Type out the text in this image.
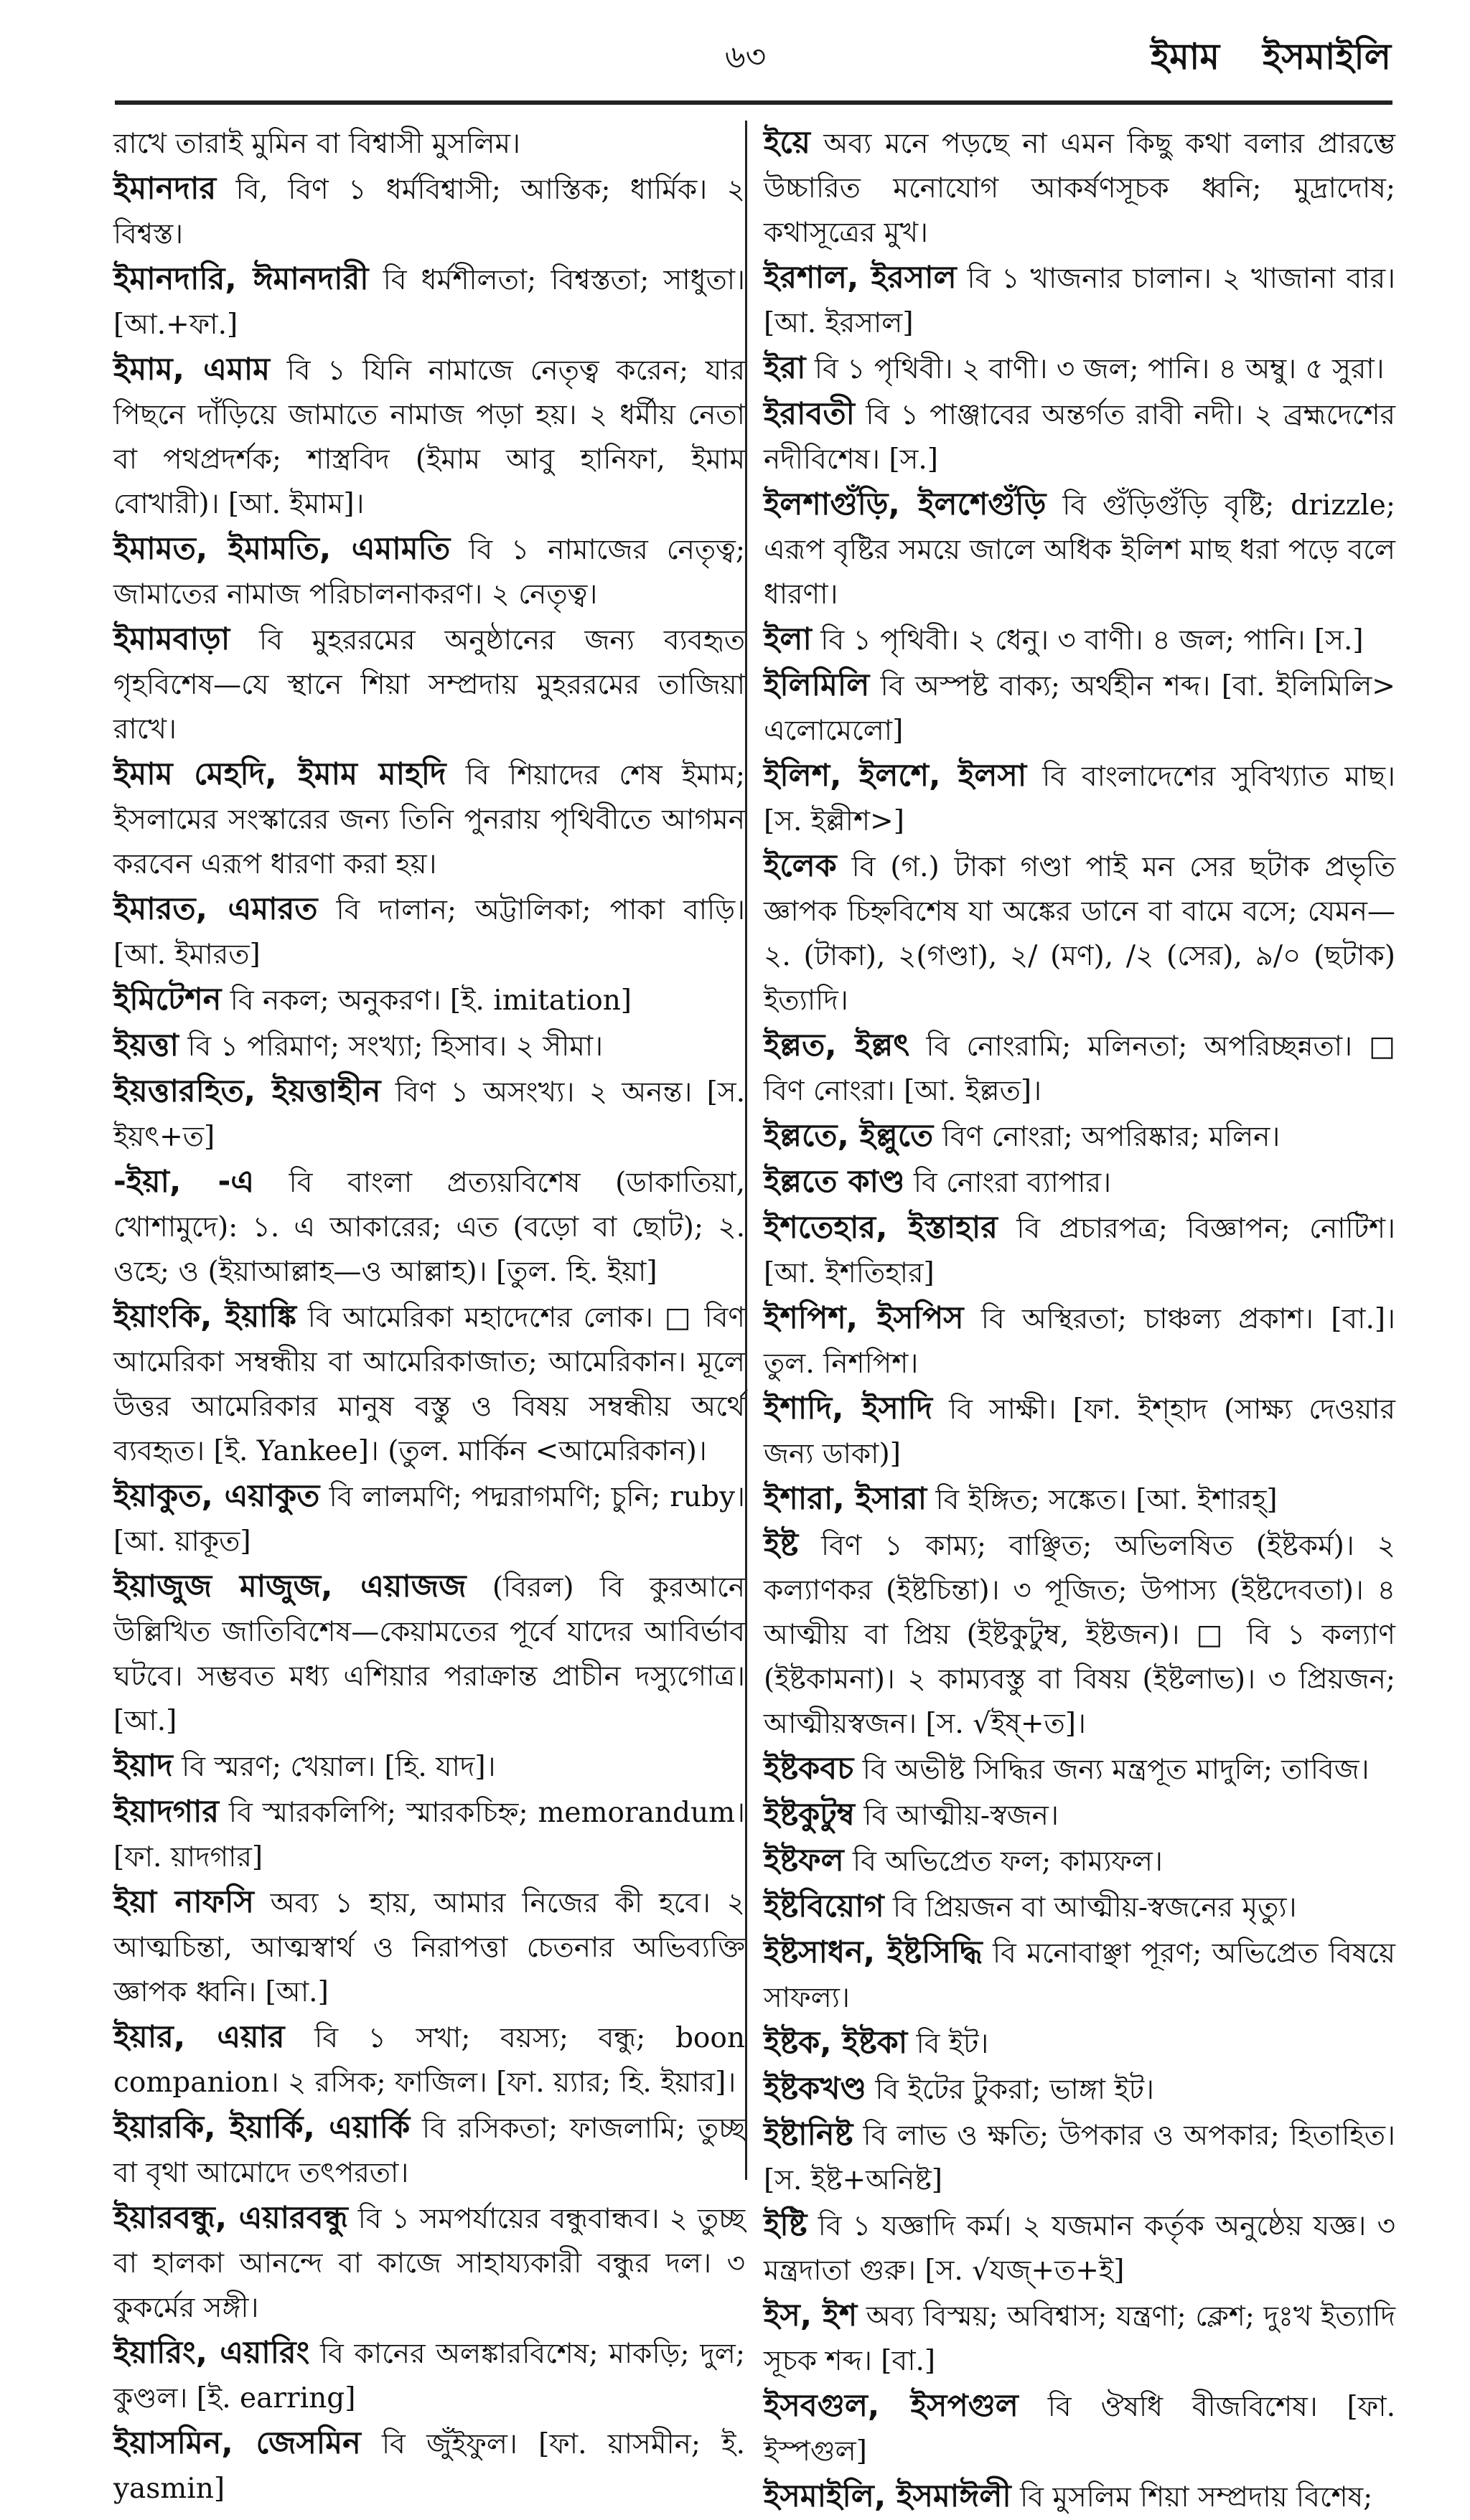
৬৩	ইমাম ইসমাইলি

রাখে তারাই মুমিন বা বিশ্বাসী মুসলিম।

ইমানদার বি, বিণ ১ ধর্মবিশ্বাসী; আস্তিক; ধার্মিক। ২ বিশ্বস্ত।

ইমানদারি, ঈমানদারী বি ধর্মশীলতা; বিশ্বস্ততা; সাধুতা। [আ.+ফা.]

ইমাম, এমাম বি ১ যিনি নামাজে নেতৃত্ব করেন; যার পিছনে দাঁড়িয়ে জামাতে নামাজ পড়া হয়। ২ ধর্মীয় নেতা বা পথপ্রদর্শক; শাস্ত্রবিদ (ইমাম আবু হানিফা, ইমাম বোখারী)। [আ. ইমাম]।

ইমামত, ইমামতি, এমামতি বি ১ নামাজের নেতৃত্ব; জামাতের নামাজ পরিচালনাকরণ। ২ নেতৃত্ব।

ইমামবাড়া বি মুহররমের অনুষ্ঠানের জন্য ব্যবহৃত গৃহবিশেষ—যে স্থানে শিয়া সম্প্রদায় মুহররমের তাজিয়া রাখে।

ইমাম মেহদি, ইমাম মাহদি বি শিয়াদের শেষ ইমাম; ইসলামের সংস্কারের জন্য তিনি পুনরায় পৃথিবীতে আগমন করবেন এরূপ ধারণা করা হয়।

ইমারত, এমারত বি দালান; অট্টালিকা; পাকা বাড়ি। [আ. ইমারত]

ইমিটেশন বি নকল; অনুকরণ। [ই. imitation]

ইয়ত্তা বি ১ পরিমাণ; সংখ্যা; হিসাব। ২ সীমা।

ইয়ত্তারহিত, ইয়ত্তাহীন বিণ ১ অসংখ্য। ২ অনন্ত। [স. ইয়ৎ+ত]

-ইয়া, -এ বি বাংলা প্রত্যয়বিশেষ (ডাকাতিয়া, খোশামুদে): ১. এ আকারের; এত (বড়ো বা ছোট); ২. ওহে; ও (ইয়াআল্লাহ—ও আল্লাহ)। [তুল. হি. ইয়া]

ইয়াংকি, ইয়াঙ্কি বি আমেরিকা মহাদেশের লোক। □ বিণ আমেরিকা সম্বন্ধীয় বা আমেরিকাজাত; আমেরিকান। মূলে উত্তর আমেরিকার মানুষ বস্তু ও বিষয় সম্বন্ধীয় অর্থে ব্যবহৃত। [ই. Yankee]। (তুল. মার্কিন <আমেরিকান)।

ইয়াকুত, এয়াকুত বি লালমণি; পদ্মরাগমণি; চুনি; ruby। [আ. য়াকূত]

ইয়াজুজ মাজুজ, এয়াজজ (বিরল) বি কুরআনে উল্লিখিত জাতিবিশেষ—কেয়ামতের পূর্বে যাদের আবির্ভাব ঘটবে। সম্ভবত মধ্য এশিয়ার পরাক্রান্ত প্রাচীন দস্যুগোত্র। [আ.]

ইয়াদ বি স্মরণ; খেয়াল। [হি. যাদ]।

ইয়াদগার বি স্মারকলিপি; স্মারকচিহ্ন; memorandum। [ফা. য়াদগার]

ইয়া নাফসি অব্য ১ হায়, আমার নিজের কী হবে। ২ আত্মচিন্তা, আত্মস্বার্থ ও নিরাপত্তা চেতনার অভিব্যক্তি জ্ঞাপক ধ্বনি। [আ.]

ইয়ার, এয়ার বি ১ সখা; বয়স্য; বন্ধু; boon companion। ২ রসিক; ফাজিল। [ফা. য়্যার; হি. ইয়ার]।

ইয়ারকি, ইয়ার্কি, এয়ার্কি বি রসিকতা; ফাজলামি; তুচ্ছ বা বৃথা আমোদে তৎপরতা।

ইয়ারবন্ধু, এয়ারবন্ধু বি ১ সমপর্যায়ের বন্ধুবান্ধব। ২ তুচ্ছ বা হালকা আনন্দে বা কাজে সাহায্যকারী বন্ধুর দল। ৩ কুকর্মের সঙ্গী।

ইয়ারিং, এয়ারিং বি কানের অলঙ্কারবিশেষ; মাকড়ি; দুল; কুণ্ডল। [ই. earring]

ইয়াসমিন, জেসমিন বি জুঁইফুল। [ফা. য়াসমীন; ই. yasmin]

ইয়ে অব্য মনে পড়ছে না এমন কিছু কথা বলার প্রারম্ভে উচ্চারিত মনোযোগ আকর্ষণসূচক ধ্বনি; মুদ্রাদোষ; কথাসূত্রের মুখ।

ইরশাল, ইরসাল বি ১ খাজনার চালান। ২ খাজানা বার। [আ. ইরসাল]

ইরা বি ১ পৃথিবী। ২ বাণী। ৩ জল; পানি। ৪ অম্বু। ৫ সুরা।

ইরাবতী বি ১ পাঞ্জাবের অন্তর্গত রাবী নদী। ২ ব্রহ্মদেশের নদীবিশেষ। [স.]

ইলশাগুঁড়ি, ইলশেগুঁড়ি বি গুঁড়িগুঁড়ি বৃষ্টি; drizzle; এরূপ বৃষ্টির সময়ে জালে অধিক ইলিশ মাছ ধরা পড়ে বলে ধারণা।

ইলা বি ১ পৃথিবী। ২ ধেনু। ৩ বাণী। ৪ জল; পানি। [স.]

ইলিমিলি বি অস্পষ্ট বাক্য; অর্থহীন শব্দ। [বা. ইলিমিলি> এলোমেলো]

ইলিশ, ইলশে, ইলসা বি বাংলাদেশের সুবিখ্যাত মাছ। [স. ইল্লীশ>]

ইলেক বি (গ.) টাকা গণ্ডা পাই মন সের ছটাক প্রভৃতি জ্ঞাপক চিহ্নবিশেষ যা অঙ্কের ডানে বা বামে বসে; যেমন— ২. (টাকা), ২(গণ্ডা), ২/ (মণ), /২ (সের), ৯/০ (ছটাক) ইত্যাদি।

ইল্লত, ইল্লৎ বি নোংরামি; মলিনতা; অপরিচ্ছন্নতা। □ বিণ নোংরা। [আ. ইল্লত]।

ইল্লতে, ইল্লুতে বিণ নোংরা; অপরিষ্কার; মলিন।

ইল্লতে কাণ্ড বি নোংরা ব্যাপার।

ইশতেহার, ইস্তাহার বি প্রচারপত্র; বিজ্ঞাপন; নোটিশ। [আ. ইশতিহার]

ইশপিশ, ইসপিস বি অস্থিরতা; চাঞ্চল্য প্রকাশ। [বা.]। তুল. নিশপিশ।

ইশাদি, ইসাদি বি সাক্ষী। [ফা. ইশ্‌হাদ (সাক্ষ্য দেওয়ার জন্য ডাকা)]

ইশারা, ইসারা বি ইঙ্গিত; সঙ্কেত। [আ. ইশারহ্]

ইষ্ট বিণ ১ কাম্য; বাঞ্ছিত; অভিলষিত (ইষ্টকর্ম)। ২ কল্যাণকর (ইষ্টচিন্তা)। ৩ পূজিত; উপাস্য (ইষ্টদেবতা)। ৪ আত্মীয় বা প্রিয় (ইষ্টকুটুম্ব, ইষ্টজন)। □ বি ১ কল্যাণ (ইষ্টকামনা)। ২ কাম্যবস্তু বা বিষয় (ইষ্টলাভ)। ৩ প্রিয়জন; আত্মীয়স্বজন। [স. √ইষ্+ত]।

ইষ্টকবচ বি অভীষ্ট সিদ্ধির জন্য মন্ত্রপূত মাদুলি; তাবিজ।

ইষ্টকুটুম্ব বি আত্মীয়-স্বজন।

ইষ্টফল বি অভিপ্রেত ফল; কাম্যফল।

ইষ্টবিয়োগ বি প্রিয়জন বা আত্মীয়-স্বজনের মৃত্যু।

ইষ্টসাধন, ইষ্টসিদ্ধি বি মনোবাঞ্ছা পূরণ; অভিপ্রেত বিষয়ে সাফল্য।

ইষ্টক, ইষ্টকা বি ইট।

ইষ্টকখণ্ড বি ইটের টুকরা; ভাঙ্গা ইট।

ইষ্টানিষ্ট বি লাভ ও ক্ষতি; উপকার ও অপকার; হিতাহিত। [স. ইষ্ট+অনিষ্ট]

ইষ্টি বি ১ যজ্ঞাদি কর্ম। ২ যজমান কর্তৃক অনুষ্ঠেয় যজ্ঞ। ৩ মন্ত্রদাতা গুরু। [স. √যজ্+ত+ই]

ইস, ইশ অব্য বিস্ময়; অবিশ্বাস; যন্ত্রণা; ক্লেশ; দুঃখ ইত্যাদি সূচক শব্দ। [বা.]

ইসবগুল, ইসপগুল বি ঔষধি বীজবিশেষ। [ফা. ইস্পগুল]

ইসমাইলি, ইসমাঈলী বি মুসলিম শিয়া সম্প্রদায় বিশেষ;
